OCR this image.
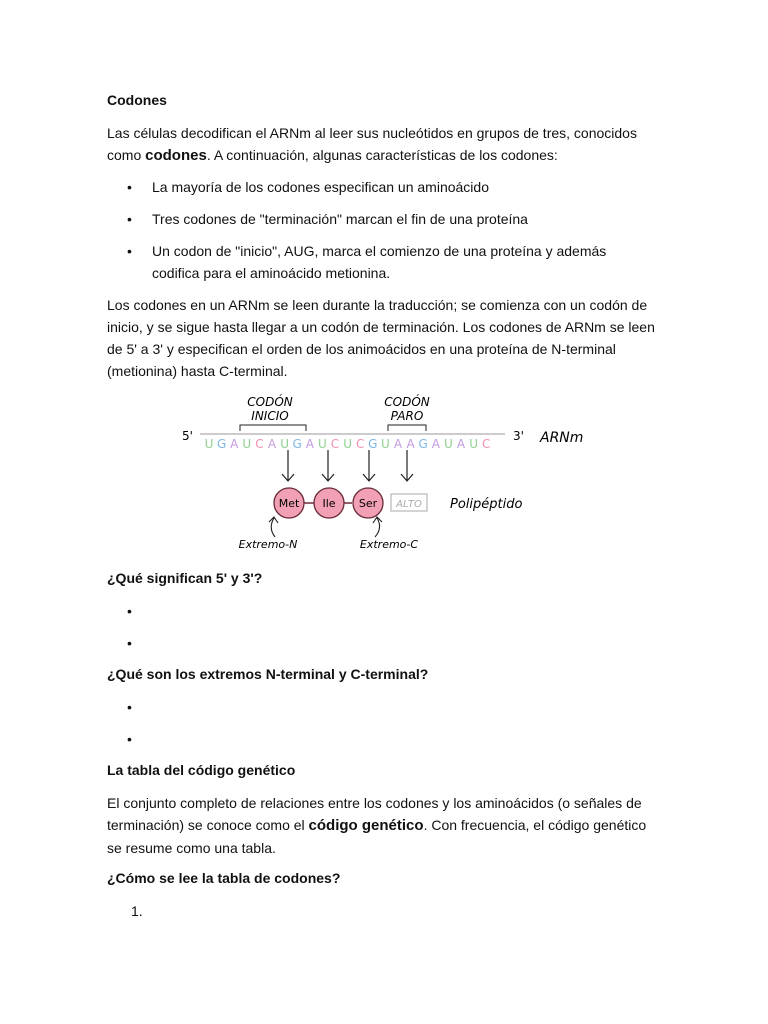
Codones
Las células decodifican el ARNm al leer sus nucleótidos en grupos de tres, conocidos como codones. A continuación, algunas características de los codones:
• La mayoría de los codones especifican un aminoácido
• Tres codones de "terminación" marcan el fin de una proteína
• Un codon de "inicio", AUG, marca el comienzo de una proteína y además codifica para el aminoácido metionina.
Los codones en un ARNm se leen durante la traducción; se comienza con un codón de inicio, y se sigue hasta llegar a un codón de terminación. Los codones de ARNm se leen de 5' a 3' y especifican el orden de los animoácidos en una proteína de N-terminal (metionina) hasta C-terminal.
CODÓN
INICIO
CODÓN
PARO
5'	3' ARNm
U G A U C A U G A U C U C G U A A G A U A U C
Met Ile Ser ALTO Polipéptido
Extremo-N	Extremo-C
¿Qué significan 5' y 3'?
•
•
¿Qué son los extremos N-terminal y C-terminal?
•
•
La tabla del código genético
El conjunto completo de relaciones entre los codones y los aminoácidos (o señales de terminación) se conoce como el código genético. Con frecuencia, el código genético se resume como una tabla.
¿Cómo se lee la tabla de codones?
1.
